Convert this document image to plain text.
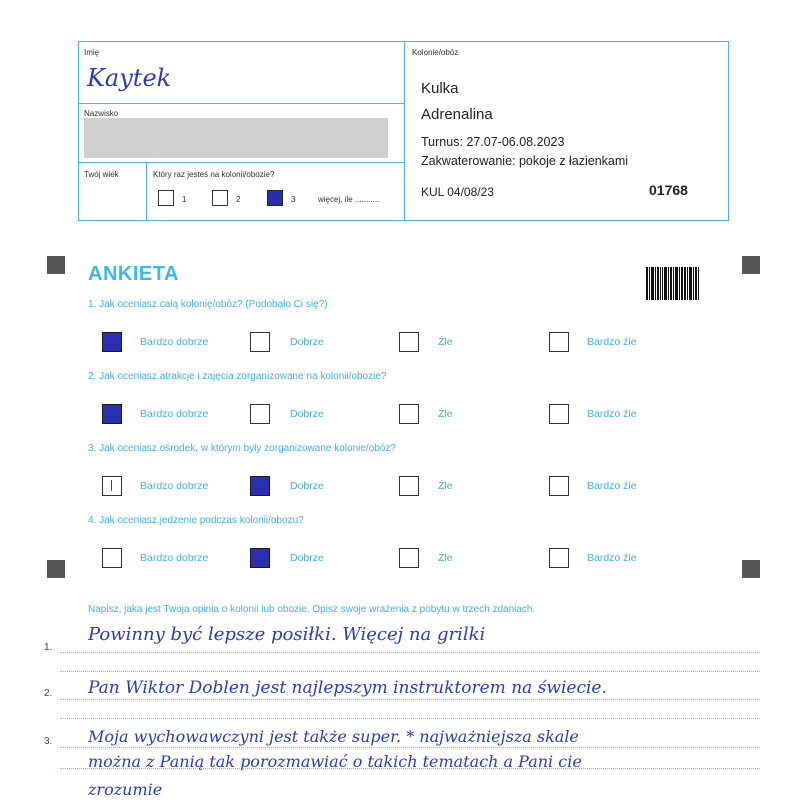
Imię
Kaytek
Nazwisko
Twój wiek	Który raz jesteś na kolonii/obozie?
1	2	3	więcej, ile ...........
Kolonie/obóz
Kulka
Adrenalina
Turnus: 27.07-06.08.2023
Zakwaterowanie: pokoje z łazienkami
KUL 04/08/23	01768
ANKIETA
1. Jak oceniasz całą kolonię/obóz? (Podobało Ci się?)
Bardzo dobrze	Dobrze	Źle	Bardzo źle
2. Jak oceniasz atrakcje i zajęcia zorganizowane na kolonii/obozie?
Bardzo dobrze	Dobrze	Źle	Bardzo źle
3. Jak oceniasz ośrodek, w którym były zorganizowane kolonie/obóz?
Bardzo dobrze	Dobrze	Źle	Bardzo źle
4. Jak oceniasz jedzenie podczas kolonii/obozu?
Bardzo dobrze	Dobrze	Źle	Bardzo źle
Napisz, jaka jest Twoja opinia o kolonii lub obozie. Opisz swoje wrażenia z pobytu w trzech zdaniach.
1.
Powinny być lepsze posiłki. Więcej na grilki
2. Pan Wiktor Doblen jest najlepszym instruktorem na świecie.
3. Moja wychowawczyni jest także super. * najważniejsza skale
można z Panią tak porozmawiać o takich tematach a Pani cie
zrozumie
